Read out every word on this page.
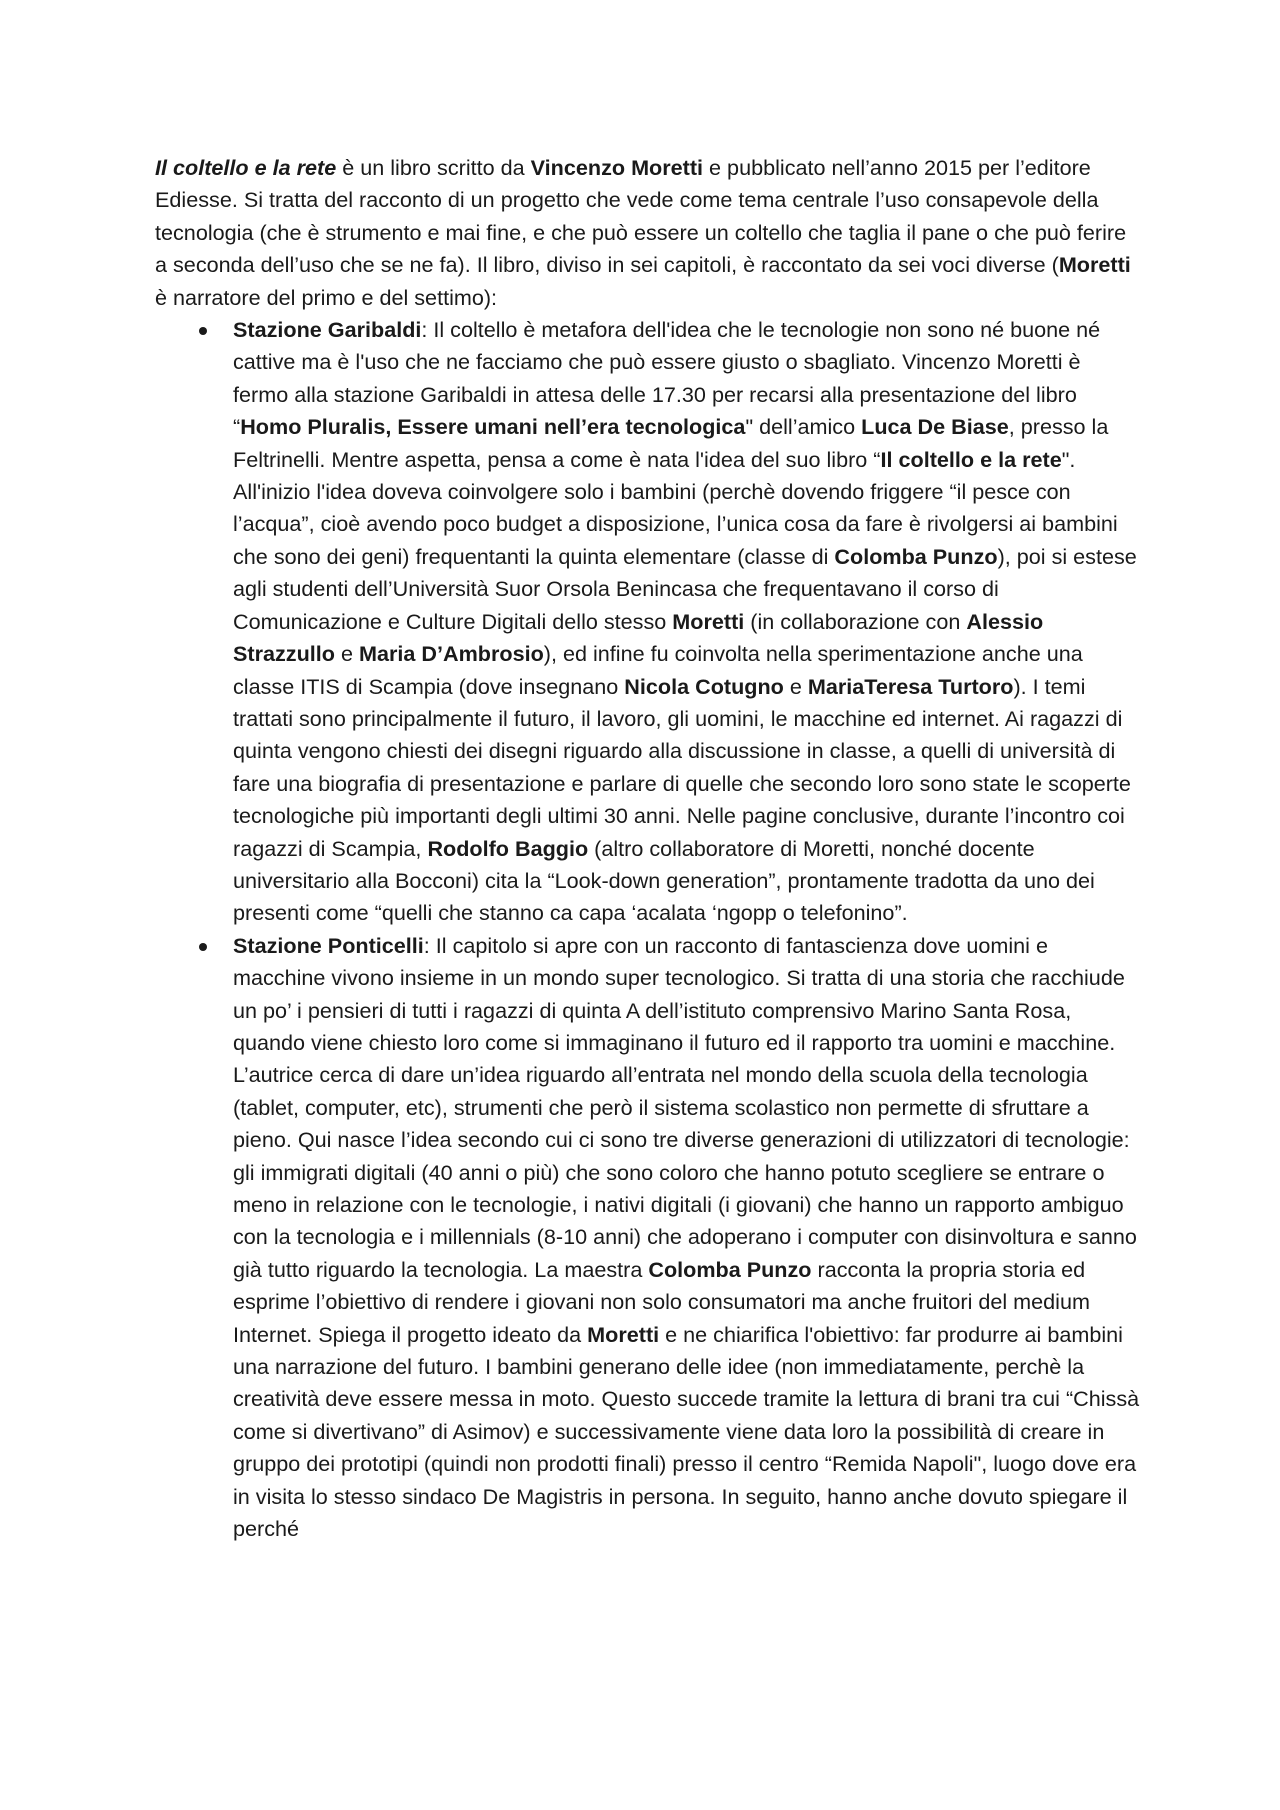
Il coltello e la rete è un libro scritto da Vincenzo Moretti e pubblicato nell’anno 2015 per l’editore Ediesse. Si tratta del racconto di un progetto che vede come tema centrale l’uso consapevole della tecnologia (che è strumento e mai fine, e che può essere un coltello che taglia il pane o che può ferire a seconda dell’uso che se ne fa). Il libro, diviso in sei capitoli, è raccontato da sei voci diverse (Moretti è narratore del primo e del settimo):

Stazione Garibaldi: Il coltello è metafora dell'idea che le tecnologie non sono né buone né cattive ma è l'uso che ne facciamo che può essere giusto o sbagliato. Vincenzo Moretti è fermo alla stazione Garibaldi in attesa delle 17.30 per recarsi alla presentazione del libro “Homo Pluralis, Essere umani nell’era tecnologica" dell’amico Luca De Biase, presso la Feltrinelli. Mentre aspetta, pensa a come è nata l'idea del suo libro “Il coltello e la rete". All'inizio l'idea doveva coinvolgere solo i bambini (perchè dovendo friggere “il pesce con l’acqua”, cioè avendo poco budget a disposizione, l’unica cosa da fare è rivolgersi ai bambini che sono dei geni) frequentanti la quinta elementare (classe di Colomba Punzo), poi si estese agli studenti dell’Università Suor Orsola Benincasa che frequentavano il corso di Comunicazione e Culture Digitali dello stesso Moretti (in collaborazione con Alessio Strazzullo e Maria D’Ambrosio), ed infine fu coinvolta nella sperimentazione anche una classe ITIS di Scampia (dove insegnano Nicola Cotugno e MariaTeresa Turtoro). I temi trattati sono principalmente il futuro, il lavoro, gli uomini, le macchine ed internet. Ai ragazzi di quinta vengono chiesti dei disegni riguardo alla discussione in classe, a quelli di università di fare una biografia di presentazione e parlare di quelle che secondo loro sono state le scoperte tecnologiche più importanti degli ultimi 30 anni. Nelle pagine conclusive, durante l’incontro coi ragazzi di Scampia, Rodolfo Baggio (altro collaboratore di Moretti, nonché docente universitario alla Bocconi) cita la “Look-down generation”, prontamente tradotta da uno dei presenti come “quelli che stanno ca capa ‘acalata ‘ngopp o telefonino”.
Stazione Ponticelli: Il capitolo si apre con un racconto di fantascienza dove uomini e macchine vivono insieme in un mondo super tecnologico. Si tratta di una storia che racchiude un po’ i pensieri di tutti i ragazzi di quinta A dell’istituto comprensivo Marino Santa Rosa, quando viene chiesto loro come si immaginano il futuro ed il rapporto tra uomini e macchine. L’autrice cerca di dare un’idea riguardo all’entrata nel mondo della scuola della tecnologia (tablet, computer, etc), strumenti che però il sistema scolastico non permette di sfruttare a pieno. Qui nasce l’idea secondo cui ci sono tre diverse generazioni di utilizzatori di tecnologie: gli immigrati digitali (40 anni o più) che sono coloro che hanno potuto scegliere se entrare o meno in relazione con le tecnologie, i nativi digitali (i giovani) che hanno un rapporto ambiguo con la tecnologia e i millennials (8-10 anni) che adoperano i computer con disinvoltura e sanno già tutto riguardo la tecnologia. La maestra Colomba Punzo racconta la propria storia ed esprime l’obiettivo di rendere i giovani non solo consumatori ma anche fruitori del medium Internet. Spiega il progetto ideato da Moretti e ne chiarifica l'obiettivo: far produrre ai bambini una narrazione del futuro. I bambini generano delle idee (non immediatamente, perchè la creatività deve essere messa in moto. Questo succede tramite la lettura di brani tra cui “Chissà come si divertivano” di Asimov) e successivamente viene data loro la possibilità di creare in gruppo dei prototipi (quindi non prodotti finali) presso il centro “Remida Napoli", luogo dove era in visita lo stesso sindaco De Magistris in persona. In seguito, hanno anche dovuto spiegare il perché
